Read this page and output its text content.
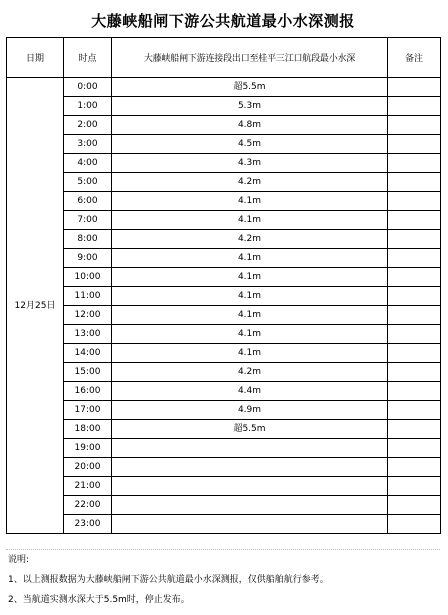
大藤峡船闸下游公共航道最小水深测报
日期	时点	大藤峡船闸下游连接段出口至桂平三江口航段最小水深	备注
12月25日	0:00	超5.5m	
	1:00	5.3m	
	2:00	4.8m	
	3:00	4.5m	
	4:00	4.3m	
	5:00	4.2m	
	6:00	4.1m	
	7:00	4.1m	
	8:00	4.2m	
	9:00	4.1m	
	10:00	4.1m	
	11:00	4.1m	
	12:00	4.1m	
	13:00	4.1m	
	14:00	4.1m	
	15:00	4.2m	
	16:00	4.4m	
	17:00	4.9m	
	18:00	超5.5m	
	19:00		
	20:00		
	21:00		
	22:00		
	23:00		
说明:
1、以上测报数据为大藤峡船闸下游公共航道最小水深测报，仅供船舶航行参考。
2、当航道实测水深大于5.5m时，停止发布。
